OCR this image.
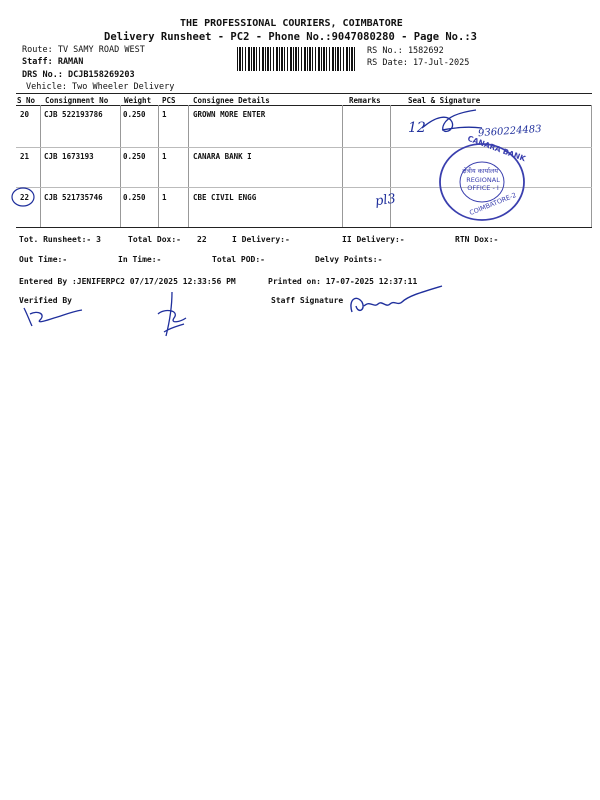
THE PROFESSIONAL COURIERS, COIMBATORE
Delivery Runsheet - PC2 - Phone No.:9047080280 - Page No.:3
Route: TV SAMY ROAD WEST
Staff: RAMAN
DRS No.: DCJB158269203
Vehicle: Two Wheeler Delivery
RS No.: 1582692
RS Date: 17-Jul-2025
S No Consignment No Weight PCS Consignee Details	Remarks	Seal & Signature
20 CJB 522193786	0.250 1	GROWN MORE ENTER
21 CJB 1673193	0.250 1	CANARA BANK I
22 CJB 521735746	0.250 1	CBE CIVIL ENGG
Tot. Runsheet:- 3	Total Dox:- 22	I Delivery:-	II Delivery:-	RTN Dox:-
Out Time:-	In Time:-	Total POD:-	Delvy Points:-
Entered By :JENIFERPC2 07/17/2025 12:33:56 PM	Printed on: 17-07-2025 12:37:11
Verified By	Staff Signature
12	9360224483
CANARA BANK
क्षेत्रीय कार्यालय
REGIONAL OFFICE - I
COIMBATORE-2
pl3
